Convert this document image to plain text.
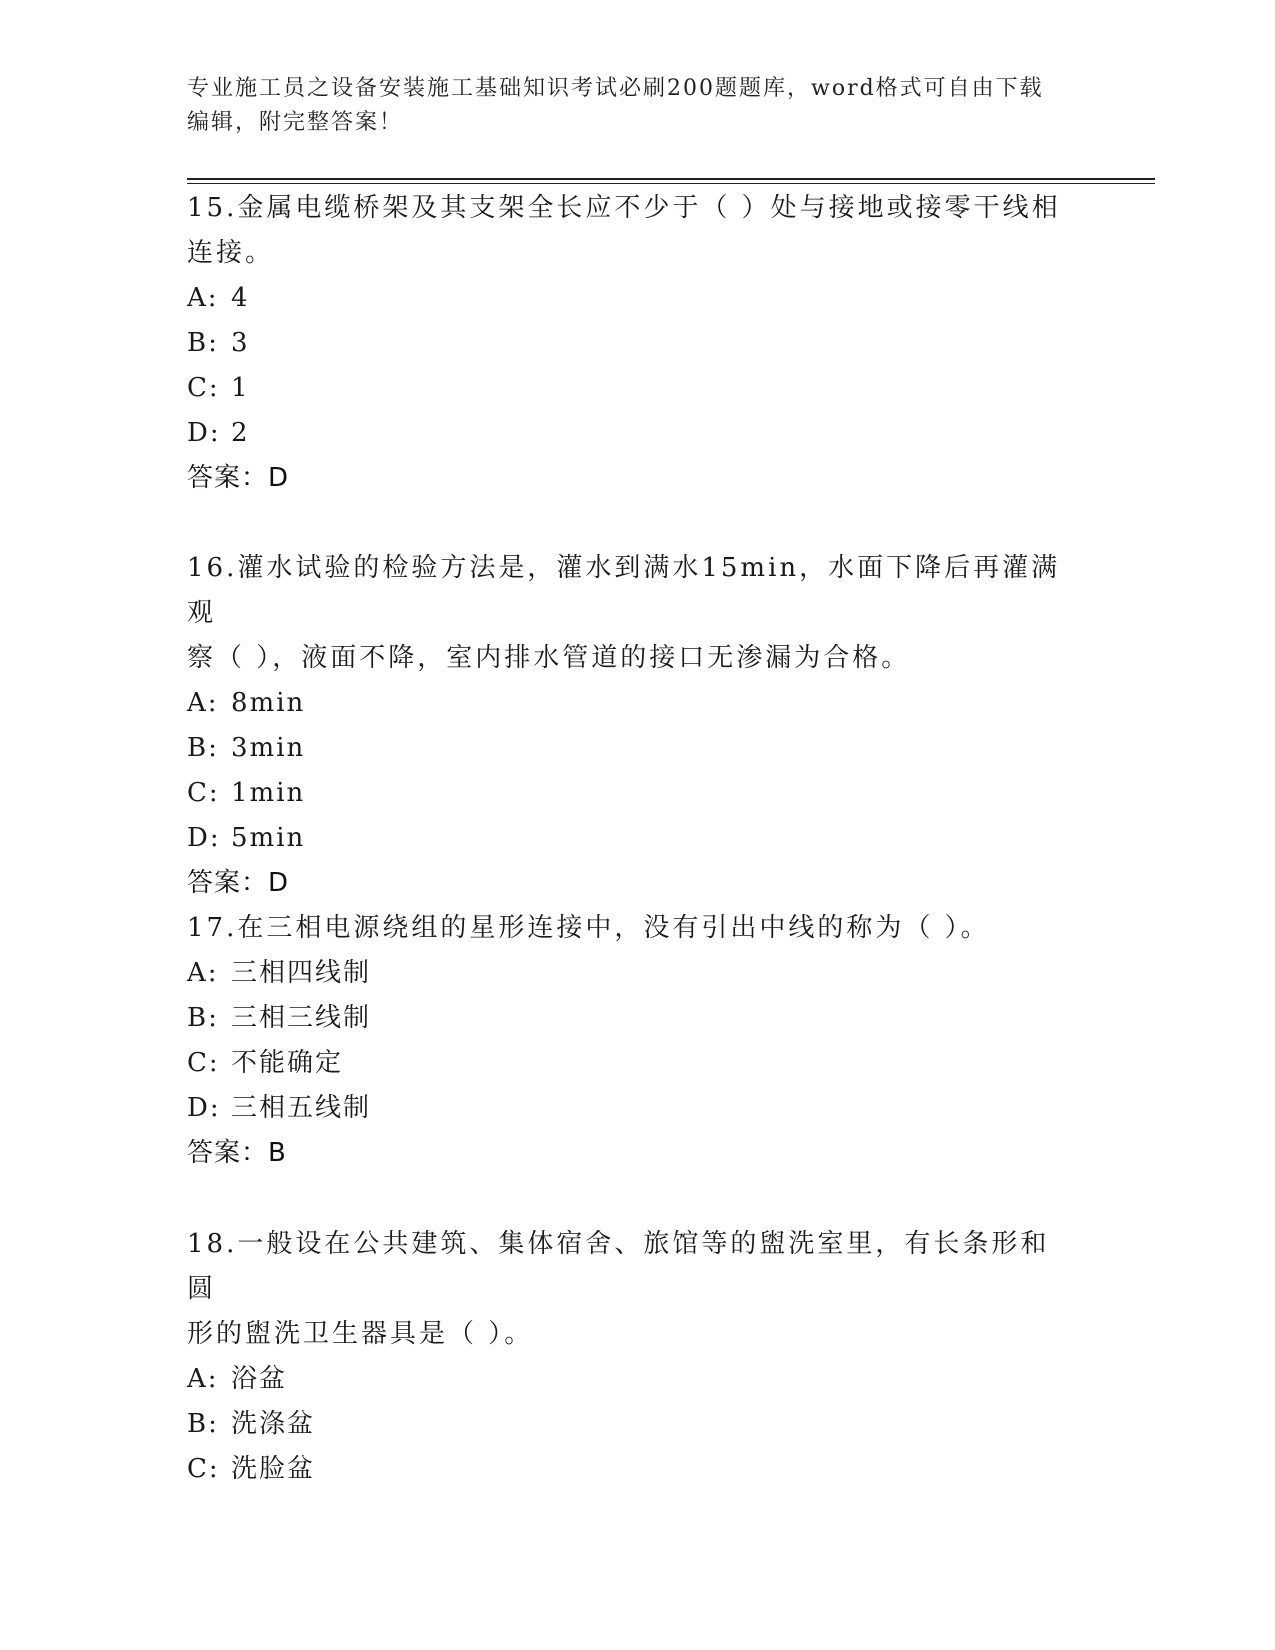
专业施工员之设备安装施工基础知识考试必刷200题题库，word格式可自由下载
编辑，附完整答案！

15.金属电缆桥架及其支架全长应不少于（ ）处与接地或接零干线相

连接。

A: 4

B: 3

C: 1

D: 2

答案：D

16.灌水试验的检验方法是，灌水到满水15min，水面下降后再灌满观

察（ ），液面不降，室内排水管道的接口无渗漏为合格。

A: 8min

B: 3min

C: 1min

D: 5min

答案：D

17.在三相电源绕组的星形连接中，没有引出中线的称为（ ）。

A: 三相四线制

B: 三相三线制

C: 不能确定

D: 三相五线制

答案：B

18.一般设在公共建筑、集体宿舍、旅馆等的盥洗室里，有长条形和圆

形的盥洗卫生器具是（ ）。

A: 浴盆

B: 洗涤盆

C: 洗脸盆
